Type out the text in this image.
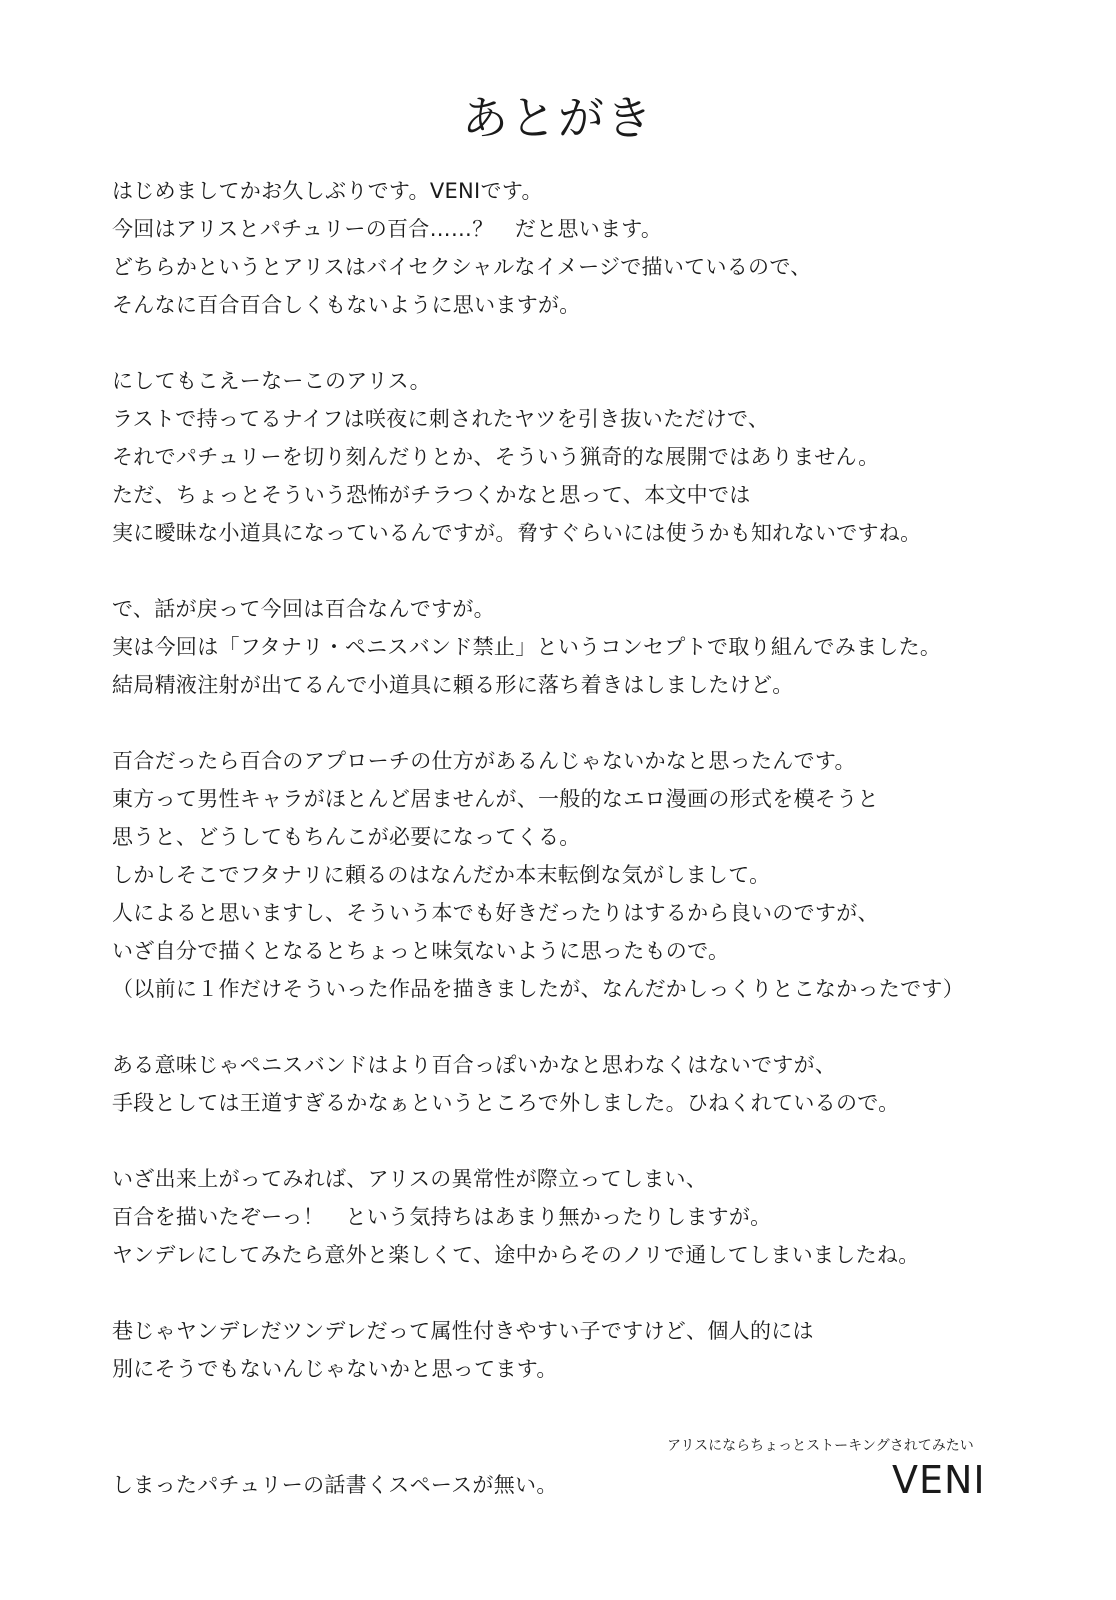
あとがき
はじめましてかお久しぶりです。VENIです。
今回はアリスとパチュリーの百合……？　だと思います。
どちらかというとアリスはバイセクシャルなイメージで描いているので、
そんなに百合百合しくもないように思いますが。
にしてもこえーなーこのアリス。
ラストで持ってるナイフは咲夜に刺されたヤツを引き抜いただけで、
それでパチュリーを切り刻んだりとか、そういう猟奇的な展開ではありません。
ただ、ちょっとそういう恐怖がチラつくかなと思って、本文中では
実に曖昧な小道具になっているんですが。脅すぐらいには使うかも知れないですね。
で、話が戻って今回は百合なんですが。
実は今回は「フタナリ・ペニスバンド禁止」というコンセプトで取り組んでみました。
結局精液注射が出てるんで小道具に頼る形に落ち着きはしましたけど。
百合だったら百合のアプローチの仕方があるんじゃないかなと思ったんです。
東方って男性キャラがほとんど居ませんが、一般的なエロ漫画の形式を模そうと
思うと、どうしてもちんこが必要になってくる。
しかしそこでフタナリに頼るのはなんだか本末転倒な気がしまして。
人によると思いますし、そういう本でも好きだったりはするから良いのですが、
いざ自分で描くとなるとちょっと味気ないように思ったもので。
（以前に１作だけそういった作品を描きましたが、なんだかしっくりとこなかったです）
ある意味じゃペニスバンドはより百合っぽいかなと思わなくはないですが、
手段としては王道すぎるかなぁというところで外しました。ひねくれているので。
いざ出来上がってみれば、アリスの異常性が際立ってしまい、
百合を描いたぞーっ！　という気持ちはあまり無かったりしますが。
ヤンデレにしてみたら意外と楽しくて、途中からそのノリで通してしまいましたね。
巷じゃヤンデレだツンデレだって属性付きやすい子ですけど、個人的には
別にそうでもないんじゃないかと思ってます。
しまったパチュリーの話書くスペースが無い。
アリスにならちょっとストーキングされてみたい
VENI
